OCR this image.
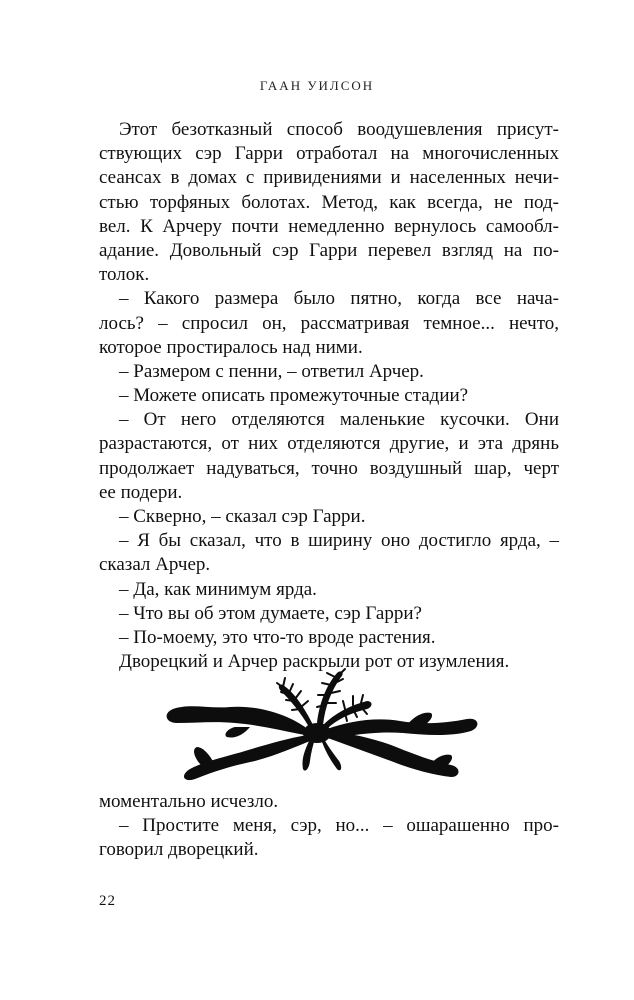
ГААН УИЛСОН
Этот безотказный способ воодушевления присут-
ствующих сэр Гарри отработал на многочисленных
сеансах в домах с привидениями и населенных нечи-
стью торфяных болотах. Метод, как всегда, не под-
вел. К Арчеру почти немедленно вернулось самообл-
адание. Довольный сэр Гарри перевел взгляд на по-
толок.
– Какого размера было пятно, когда все нача-
лось? – спросил он, рассматривая темное... нечто,
которое простиралось над ними.
– Размером с пенни, – ответил Арчер.
– Можете описать промежуточные стадии?
– От него отделяются маленькие кусочки. Они
разрастаются, от них отделяются другие, и эта дрянь
продолжает надуваться, точно воздушный шар, черт
ее подери.
– Скверно, – сказал сэр Гарри.
– Я бы сказал, что в ширину оно достигло ярда, –
сказал Арчер.
– Да, как минимум ярда.
– Что вы об этом думаете, сэр Гарри?
– По-моему, это что-то вроде растения.
Дворецкий и Арчер раскрыли рот от изумления.
моментально исчезло.
– Простите меня, сэр, но... – ошарашенно про-
говорил дворецкий.
22
